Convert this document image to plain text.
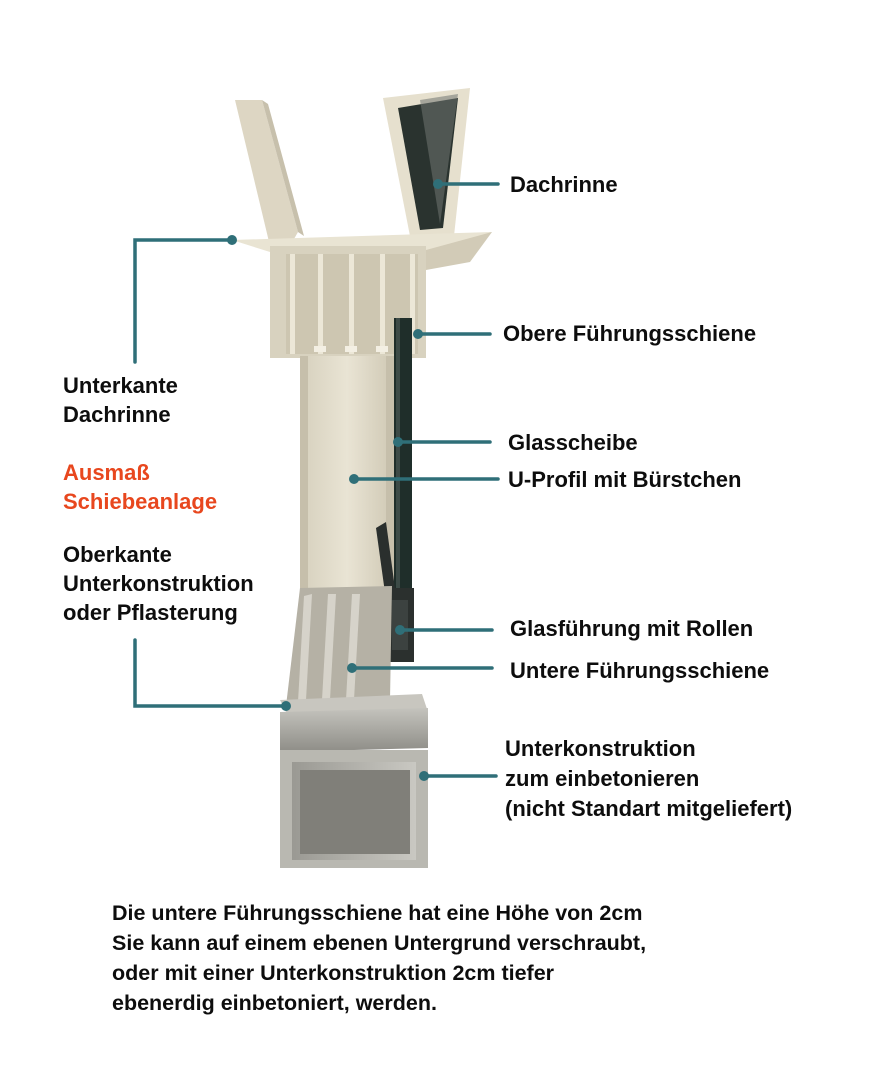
Dachrinne
Obere Führungsschiene
Glasscheibe
U-Profil mit Bürstchen
Glasführung mit Rollen
Untere Führungsschiene
Unterkonstruktion
zum einbetonieren
(nicht Standart mitgeliefert)
Unterkante
Dachrinne
Ausmaß
Schiebeanlage
Oberkante
Unterkonstruktion
oder Pflasterung
Die untere Führungsschiene hat eine Höhe von 2cm
Sie kann auf einem ebenen Untergrund verschraubt,
oder mit einer Unterkonstruktion 2cm tiefer
ebenerdig einbetoniert, werden.
